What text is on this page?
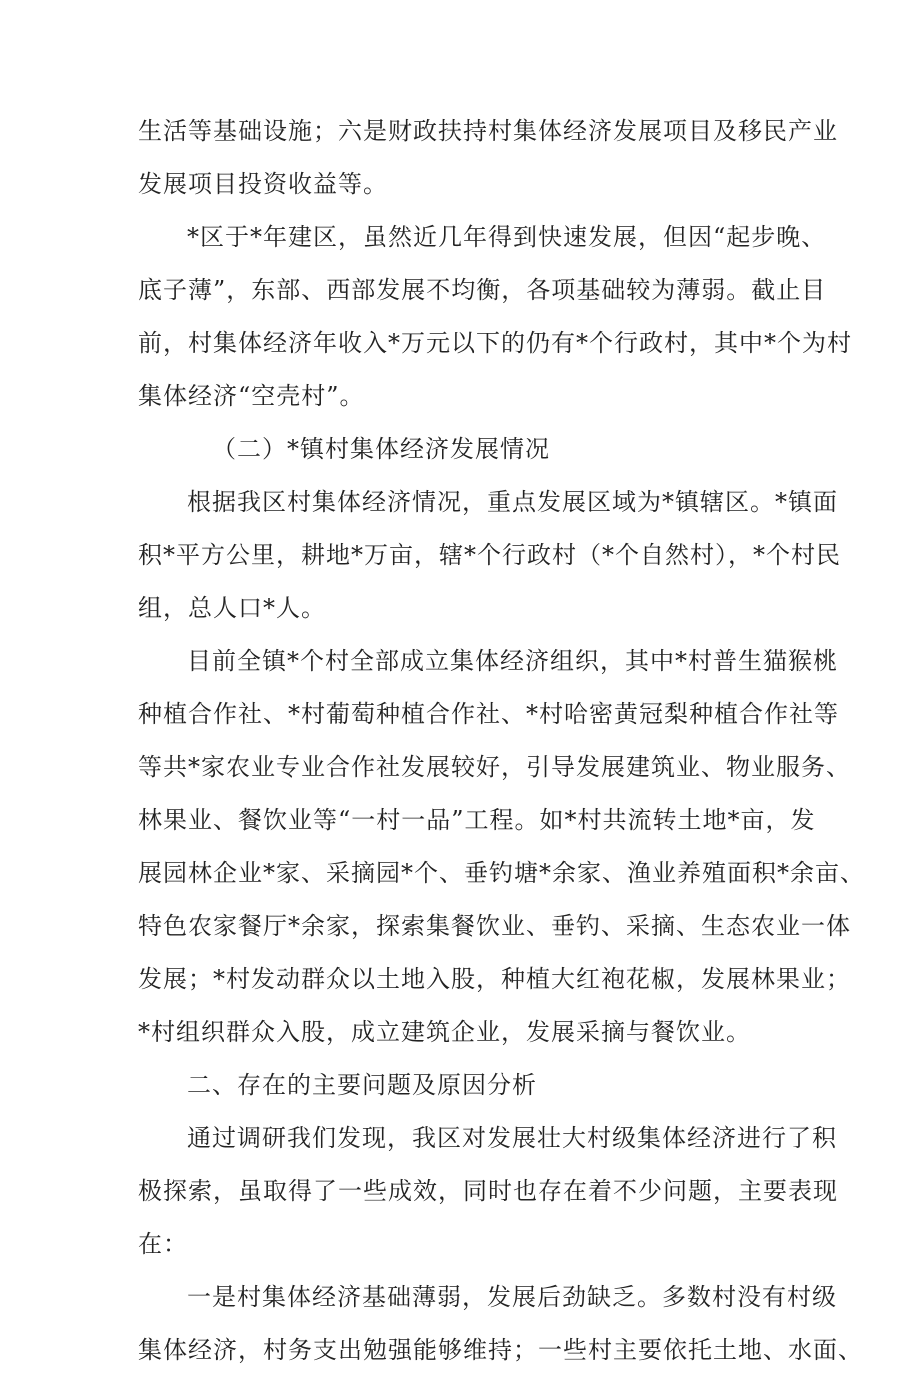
生活等基础设施；六是财政扶持村集体经济发展项目及移民产业

发展项目投资收益等。

*区于*年建区，虽然近几年得到快速发展，但因“起步晚、

底子薄”，东部、西部发展不均衡，各项基础较为薄弱。截止目

前，村集体经济年收入*万元以下的仍有*个行政村，其中*个为村

集体经济“空壳村”。

（二）*镇村集体经济发展情况

根据我区村集体经济情况，重点发展区域为*镇辖区。*镇面

积*平方公里，耕地*万亩，辖*个行政村（*个自然村），*个村民

组，总人口*人。

目前全镇*个村全部成立集体经济组织，其中*村普生猫猴桃

种植合作社、*村葡萄种植合作社、*村哈密黄冠梨种植合作社等

等共*家农业专业合作社发展较好，引导发展建筑业、物业服务、

林果业、餐饮业等“一村一品”工程。如*村共流转土地*亩，发

展园林企业*家、采摘园*个、垂钓塘*余家、渔业养殖面积*余亩、

特色农家餐厅*余家，探索集餐饮业、垂钓、采摘、生态农业一体

发展；*村发动群众以土地入股，种植大红袍花椒，发展林果业；

*村组织群众入股，成立建筑企业，发展采摘与餐饮业。

二、存在的主要问题及原因分析

通过调研我们发现，我区对发展壮大村级集体经济进行了积

极探索，虽取得了一些成效，同时也存在着不少问题，主要表现

在：

一是村集体经济基础薄弱，发展后劲缺乏。多数村没有村级

集体经济，村务支出勉强能够维持；一些村主要依托土地、水面、
